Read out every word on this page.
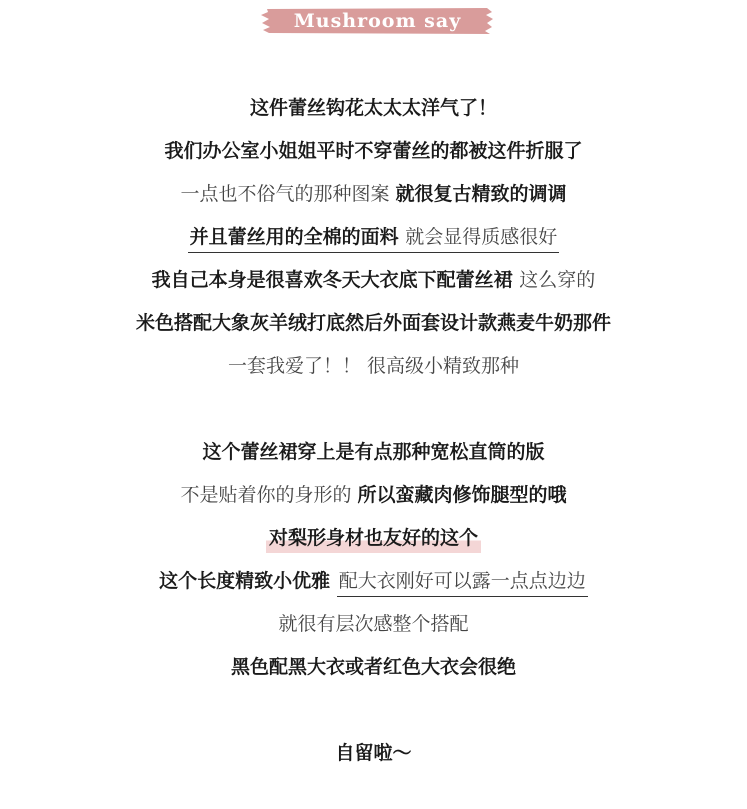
Mushroom say
这件蕾丝钩花太太太洋气了！
我们办公室小姐姐平时不穿蕾丝的都被这件折服了
一点也不俗气的那种图案 就很复古精致的调调
并且蕾丝用的全棉的面料 就会显得质感很好
我自己本身是很喜欢冬天大衣底下配蕾丝裙 这么穿的
米色搭配大象灰羊绒打底然后外面套设计款燕麦牛奶那件
一套我爱了！！ 很高级小精致那种
这个蕾丝裙穿上是有点那种宽松直筒的版
不是贴着你的身形的 所以蛮藏肉修饰腿型的哦
对梨形身材也友好的这个
这个长度精致小优雅 配大衣刚好可以露一点点边边
就很有层次感整个搭配
黑色配黑大衣或者红色大衣会很绝
自留啦～
